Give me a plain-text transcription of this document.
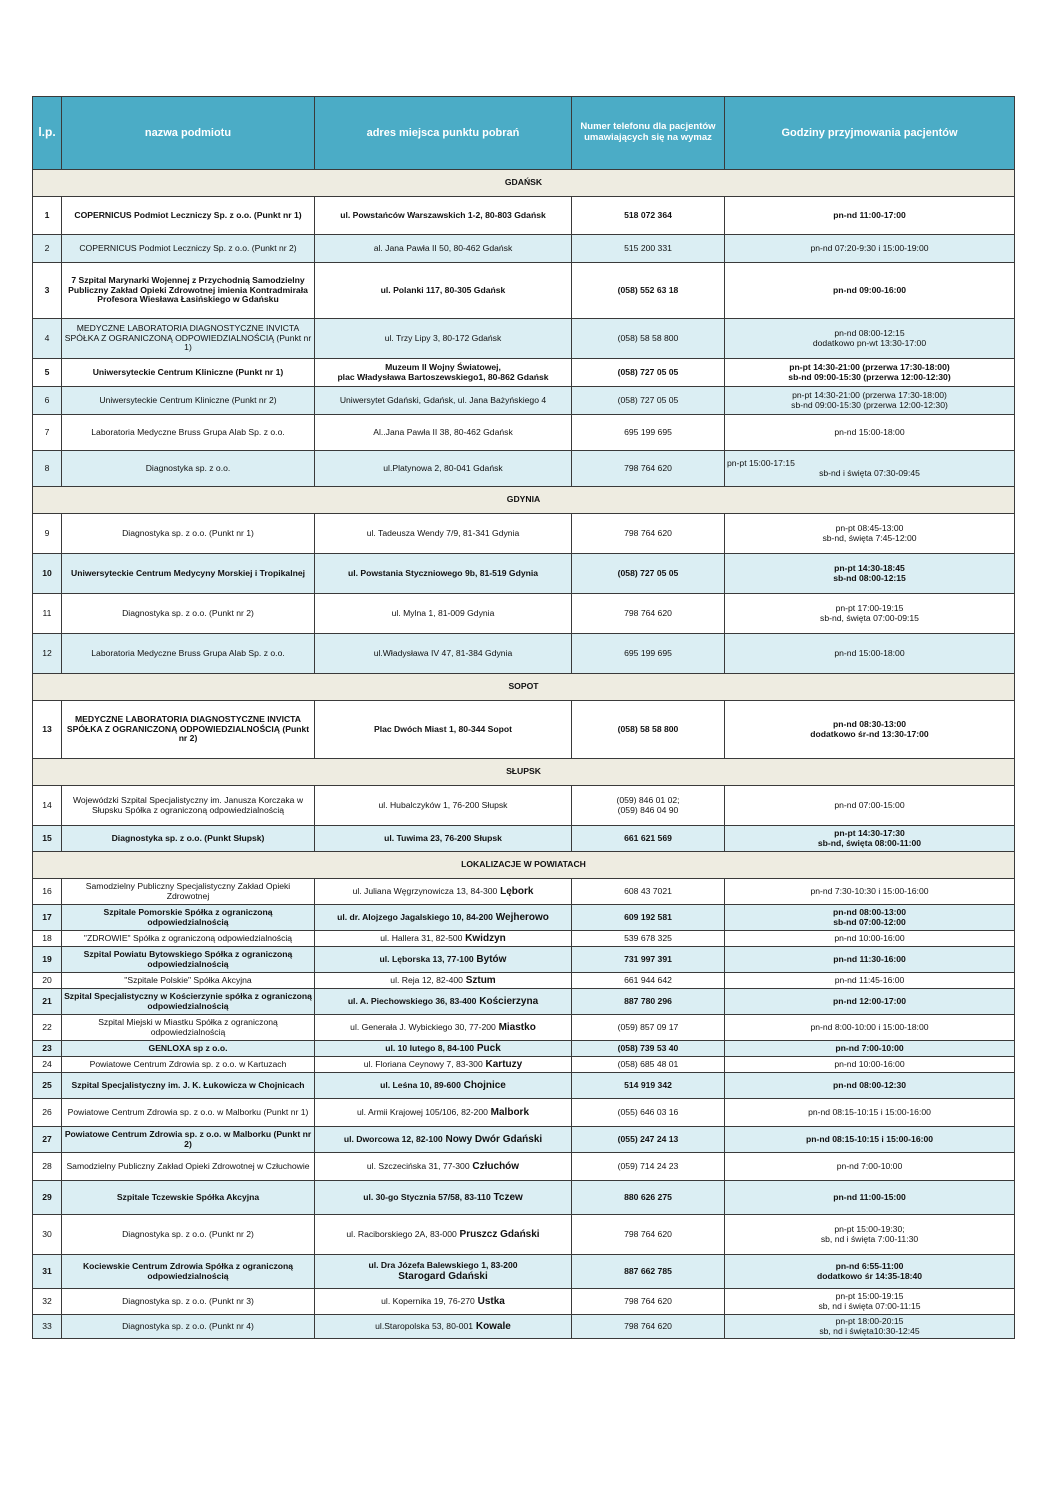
l.p.	nazwa podmiotu	adres miejsca punktu pobrań	Numer telefonu dla pacjentów umawiających się na wymaz	Godziny przyjmowania pacjentów
GDAŃSK				

1	COPERNICUS Podmiot Leczniczy Sp. z o.o. (Punkt nr 1)	ul. Powstańców Warszawskich 1-2, 80-803 Gdańsk	518 072 364	pn-nd 11:00-17:00

2	COPERNICUS Podmiot Leczniczy Sp. z o.o. (Punkt nr 2)	al. Jana Pawła II 50, 80-462 Gdańsk	515 200 331	pn-nd 07:20-9:30 i 15:00-19:00

3	7 Szpital Marynarki Wojennej z Przychodnią Samodzielny Publiczny Zakład Opieki Zdrowotnej imienia Kontradmirała Profesora Wiesława Łasińskiego w Gdańsku	ul. Polanki 117, 80-305 Gdańsk	(058) 552 63 18	pn-nd 09:00-16:00

4	MEDYCZNE LABORATORIA DIAGNOSTYCZNE INVICTA SPÓŁKA Z OGRANICZONĄ ODPOWIEDZIALNOŚCIĄ (Punkt nr 1)	ul. Trzy Lipy 3, 80-172 Gdańsk	(058) 58 58 800	pn-nd 08:00-12:15
dodatkowo pn-wt 13:30-17:00

5	Uniwersyteckie Centrum Kliniczne (Punkt nr 1)	Muzeum II Wojny Światowej,
plac Władysława Bartoszewskiego1, 80-862 Gdańsk	(058) 727 05 05	pn-pt 14:30-21:00 (przerwa 17:30-18:00)
sb-nd 09:00-15:30 (przerwa 12:00-12:30)

6	Uniwersyteckie Centrum Kliniczne (Punkt nr 2)	Uniwersytet Gdański, Gdańsk, ul. Jana Bażyńskiego 4	(058) 727 05 05	pn-pt 14:30-21:00 (przerwa 17:30-18:00)
sb-nd 09:00-15:30 (przerwa 12:00-12:30)

7	Laboratoria Medyczne Bruss Grupa Alab Sp. z o.o.	Al..Jana Pawła II 38, 80-462 Gdańsk	695 199 695	pn-nd 15:00-18:00

8	Diagnostyka sp. z o.o.	ul.Platynowa 2, 80-041 Gdańsk	798 764 620	pn-pt 15:00-17:15
sb-nd i święta 07:30-09:45

GDYNIA				

9	Diagnostyka sp. z o.o. (Punkt nr 1)	ul. Tadeusza Wendy 7/9, 81-341 Gdynia	798 764 620	pn-pt 08:45-13:00
sb-nd, święta 7:45-12:00

10	Uniwersyteckie Centrum Medycyny Morskiej i Tropikalnej	ul. Powstania Styczniowego 9b, 81-519 Gdynia	(058) 727 05 05	pn-pt 14:30-18:45
sb-nd 08:00-12:15

11	Diagnostyka sp. z o.o. (Punkt nr 2)	ul. Mylna 1, 81-009 Gdynia	798 764 620	pn-pt 17:00-19:15
sb-nd, święta 07:00-09:15

12	Laboratoria Medyczne Bruss Grupa Alab Sp. z o.o.	ul.Władysława IV 47, 81-384 Gdynia	695 199 695	pn-nd 15:00-18:00

SOPOT				

13	MEDYCZNE LABORATORIA DIAGNOSTYCZNE INVICTA SPÓŁKA Z OGRANICZONĄ ODPOWIEDZIALNOŚCIĄ (Punkt nr 2)	Plac Dwóch Miast 1, 80-344 Sopot	(058) 58 58 800	pn-nd 08:30-13:00
dodatkowo śr-nd 13:30-17:00

SŁUPSK				

14	Wojewódzki Szpital Specjalistyczny im. Janusza Korczaka w Słupsku Spółka z ograniczoną odpowiedzialnością	ul. Hubalczyków 1, 76-200 Słupsk	(059) 846 01 02;
(059) 846 04 90	pn-nd 07:00-15:00

15	Diagnostyka sp. z o.o. (Punkt Słupsk)	ul. Tuwima 23, 76-200 Słupsk	661 621 569	pn-pt 14:30-17:30
sb-nd, święta 08:00-11:00

LOKALIZACJE W POWIATACH				

16	Samodzielny Publiczny Specjalistyczny Zakład Opieki Zdrowotnej	ul. Juliana Węgrzynowicza 13, 84-300 Lębork	608 43 7021	pn-nd 7:30-10:30 i 15:00-16:00

17	Szpitale Pomorskie Spółka z ograniczoną odpowiedzialnością	ul. dr. Alojzego Jagalskiego 10, 84-200 Wejherowo	609 192 581	pn-nd 08:00-13:00
sb-nd 07:00-12:00

18	"ZDROWIE" Spółka z ograniczoną odpowiedzialnością	ul. Hallera 31, 82-500 Kwidzyn	539 678 325	pn-nd 10:00-16:00

19	Szpital Powiatu Bytowskiego Spółka z ograniczoną odpowiedzialnością	ul. Lęborska 13, 77-100 Bytów	731 997 391	pn-nd 11:30-16:00

20	"Szpitale Polskie" Spółka Akcyjna	ul. Reja 12, 82-400 Sztum	661 944 642	pn-nd 11:45-16:00

21	Szpital Specjalistyczny w Kościerzynie spółka z ograniczoną odpowiedzialnością	ul. A. Piechowskiego 36, 83-400 Kościerzyna	887 780 296	pn-nd 12:00-17:00

22	Szpital Miejski w Miastku Spółka z ograniczoną odpowiedzialnością	ul. Generała J. Wybickiego 30, 77-200 Miastko	(059) 857 09 17	pn-nd 8:00-10:00 i 15:00-18:00

23	GENLOXA sp z o.o.	ul. 10 lutego 8, 84-100 Puck	(058) 739 53 40	pn-nd 7:00-10:00

24	Powiatowe Centrum Zdrowia sp. z o.o. w Kartuzach	ul. Floriana Ceynowy 7, 83-300 Kartuzy	(058) 685 48 01	pn-nd 10:00-16:00

25	Szpital Specjalistyczny im. J. K. Łukowicza w Chojnicach	ul. Leśna 10, 89-600 Chojnice	514 919 342	pn-nd 08:00-12:30

26	Powiatowe Centrum Zdrowia sp. z o.o. w Malborku (Punkt nr 1)	ul. Armii Krajowej 105/106, 82-200 Malbork	(055) 646 03 16	pn-nd 08:15-10:15 i 15:00-16:00

27	Powiatowe Centrum Zdrowia sp. z o.o. w Malborku (Punkt nr 2)	ul. Dworcowa 12, 82-100 Nowy Dwór Gdański	(055) 247 24 13	pn-nd 08:15-10:15 i 15:00-16:00

28	Samodzielny Publiczny Zakład Opieki Zdrowotnej w Człuchowie	ul. Szczecińska 31, 77-300 Człuchów	(059) 714 24 23	pn-nd 7:00-10:00

29	Szpitale Tczewskie Spółka Akcyjna	ul. 30-go Stycznia 57/58, 83-110 Tczew	880 626 275	pn-nd 11:00-15:00

30	Diagnostyka sp. z o.o. (Punkt nr 2)	ul. Raciborskiego 2A, 83-000 Pruszcz Gdański	798 764 620	pn-pt 15:00-19:30;
sb, nd i święta 7:00-11:30

31	Kociewskie Centrum Zdrowia Spółka z ograniczoną odpowiedzialnością	ul. Dra Józefa Balewskiego 1, 83-200
Starogard Gdański	887 662 785	pn-nd 6:55-11:00
dodatkowo śr 14:35-18:40

32	Diagnostyka sp. z o.o. (Punkt nr 3)	ul. Kopernika 19, 76-270 Ustka	798 764 620	pn-pt 15:00-19:15
sb, nd i święta 07:00-11:15

33	Diagnostyka sp. z o.o. (Punkt nr 4)	ul.Staropolska 53, 80-001 Kowale	798 764 620	pn-pt 18:00-20:15
sb, nd i święta10:30-12:45
